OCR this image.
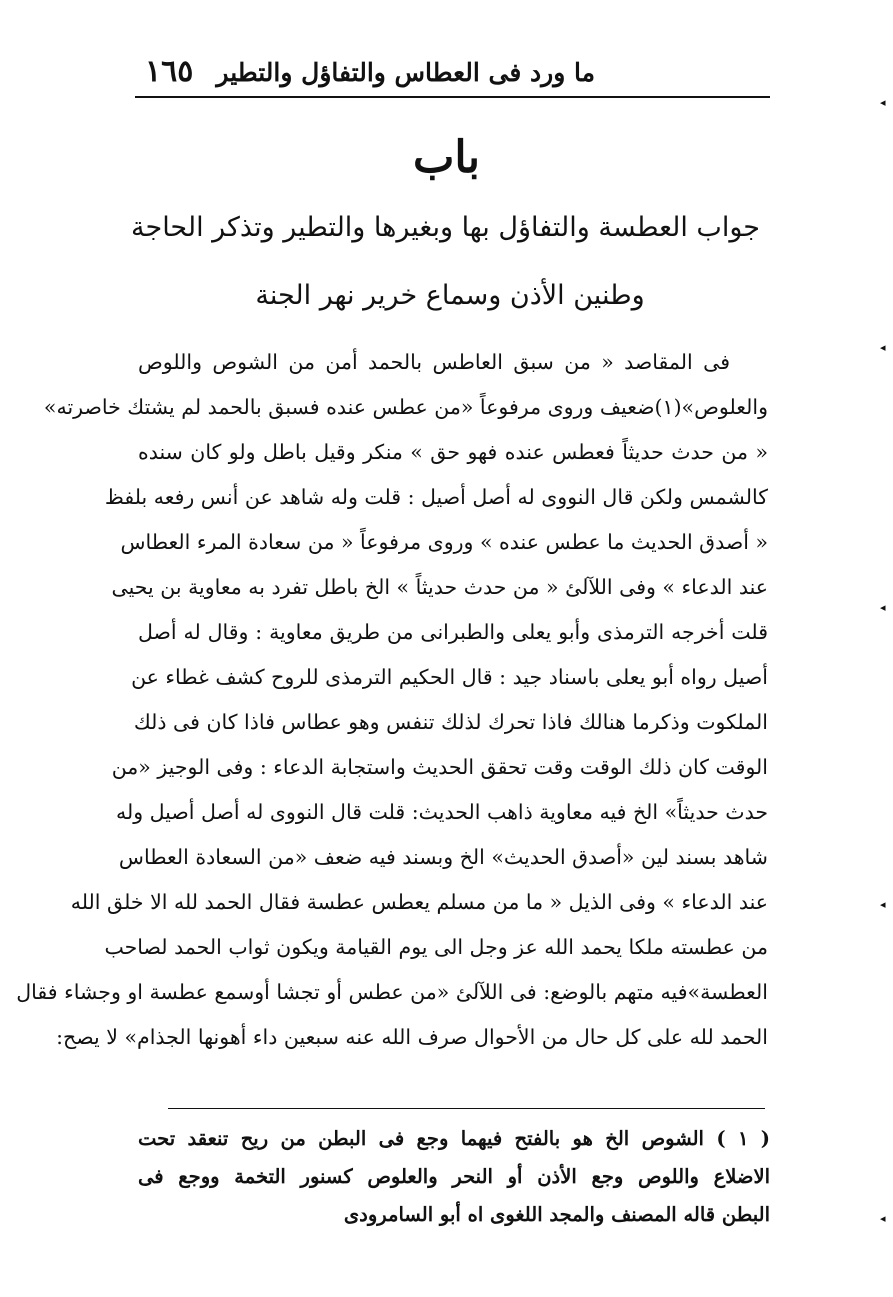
١٦٥ ما ورد فى العطاس والتفاؤل والتطير
باب
جواب العطسة والتفاؤل بها وبغيرها والتطير وتذكر الحاجة
وطنين الأذن وسماع خرير نهر الجنة
فى المقاصد « من سبق العاطس بالحمد أمن من الشوص واللوص
والعلوص»(١)ضعيف وروى مرفوعاً «من عطس عنده فسبق بالحمد لم يشتك خاصرته»
« من حدث حديثاً فعطس عنده فهو حق » منكر وقيل باطل ولو كان سنده
كالشمس ولكن قال النووى له أصل أصيل : قلت وله شاهد عن أنس رفعه بلفظ
« أصدق الحديث ما عطس عنده » وروى مرفوعاً « من سعادة المرء العطاس
عند الدعاء » وفى اللآلئ « من حدث حديثاً » الخ باطل تفرد به معاوية بن يحيى
قلت أخرجه الترمذى وأبو يعلى والطبرانى من طريق معاوية : وقال له أصل
أصيل رواه أبو يعلى باسناد جيد : قال الحكيم الترمذى للروح كشف غطاء عن
الملكوت وذكرما هنالك فاذا تحرك لذلك تنفس وهو عطاس فاذا كان فى ذلك
الوقت كان ذلك الوقت وقت تحقق الحديث واستجابة الدعاء : وفى الوجيز «من
حدث حديثاً» الخ فيه معاوية ذاهب الحديث: قلت قال النووى له أصل أصيل وله
شاهد بسند لين «أصدق الحديث» الخ وبسند فيه ضعف «من السعادة العطاس
عند الدعاء » وفى الذيل « ما من مسلم يعطس عطسة فقال الحمد لله الا خلق الله
من عطسته ملكا يحمد الله عز وجل الى يوم القيامة ويكون ثواب الحمد لصاحب
العطسة»فيه متهم بالوضع: فى اللآلئ «من عطس أو تجشا أوسمع عطسة او وجشاء فقال
الحمد لله على كل حال من الأحوال صرف الله عنه سبعين داء أهونها الجذام» لا يصح:
( ١ ) الشوص الخ هو بالفتح فيهما وجع فى البطن من ريح تنعقد تحت
الاضلاع واللوص وجع الأذن أو النحر والعلوص كسنور التخمة ووجع فى
البطن قاله المصنف والمجد اللغوى اه أبو السامرودى
◂
◂
◂
◂
◂
